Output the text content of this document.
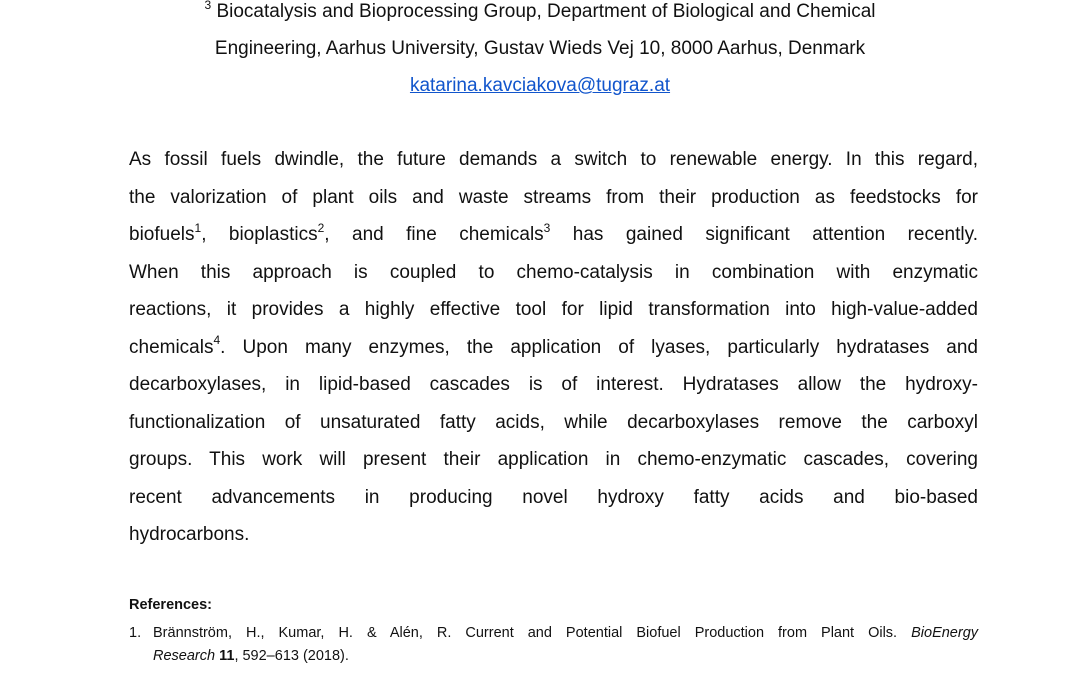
$^3$ Biocatalysis and Bioprocessing Group, Department of Biological and Chemical
Engineering, Aarhus University, Gustav Wieds Vej 10, 8000 Aarhus, Denmark
katarina.kavciakova@tugraz.at
As fossil fuels dwindle, the future demands a switch to renewable energy. In this regard,
the valorization of plant oils and waste streams from their production as feedstocks for
biofuels$^1$, bioplastics$^2$, and fine chemicals$^3$ has gained significant attention recently.
When this approach is coupled to chemo-catalysis in combination with enzymatic
reactions, it provides a highly effective tool for lipid transformation into high-value-added
chemicals$^4$. Upon many enzymes, the application of lyases, particularly hydratases and
decarboxylases, in lipid-based cascades is of interest. Hydratases allow the hydroxy-
functionalization of unsaturated fatty acids, while decarboxylases remove the carboxyl
groups. This work will present their application in chemo-enzymatic cascades, covering
recent advancements in producing novel hydroxy fatty acids and bio-based
hydrocarbons.
References:
1. Brännström, H., Kumar, H. & Alén, R. Current and Potential Biofuel Production from Plant Oils. BioEnergy
Research 11, 592–613 (2018).
